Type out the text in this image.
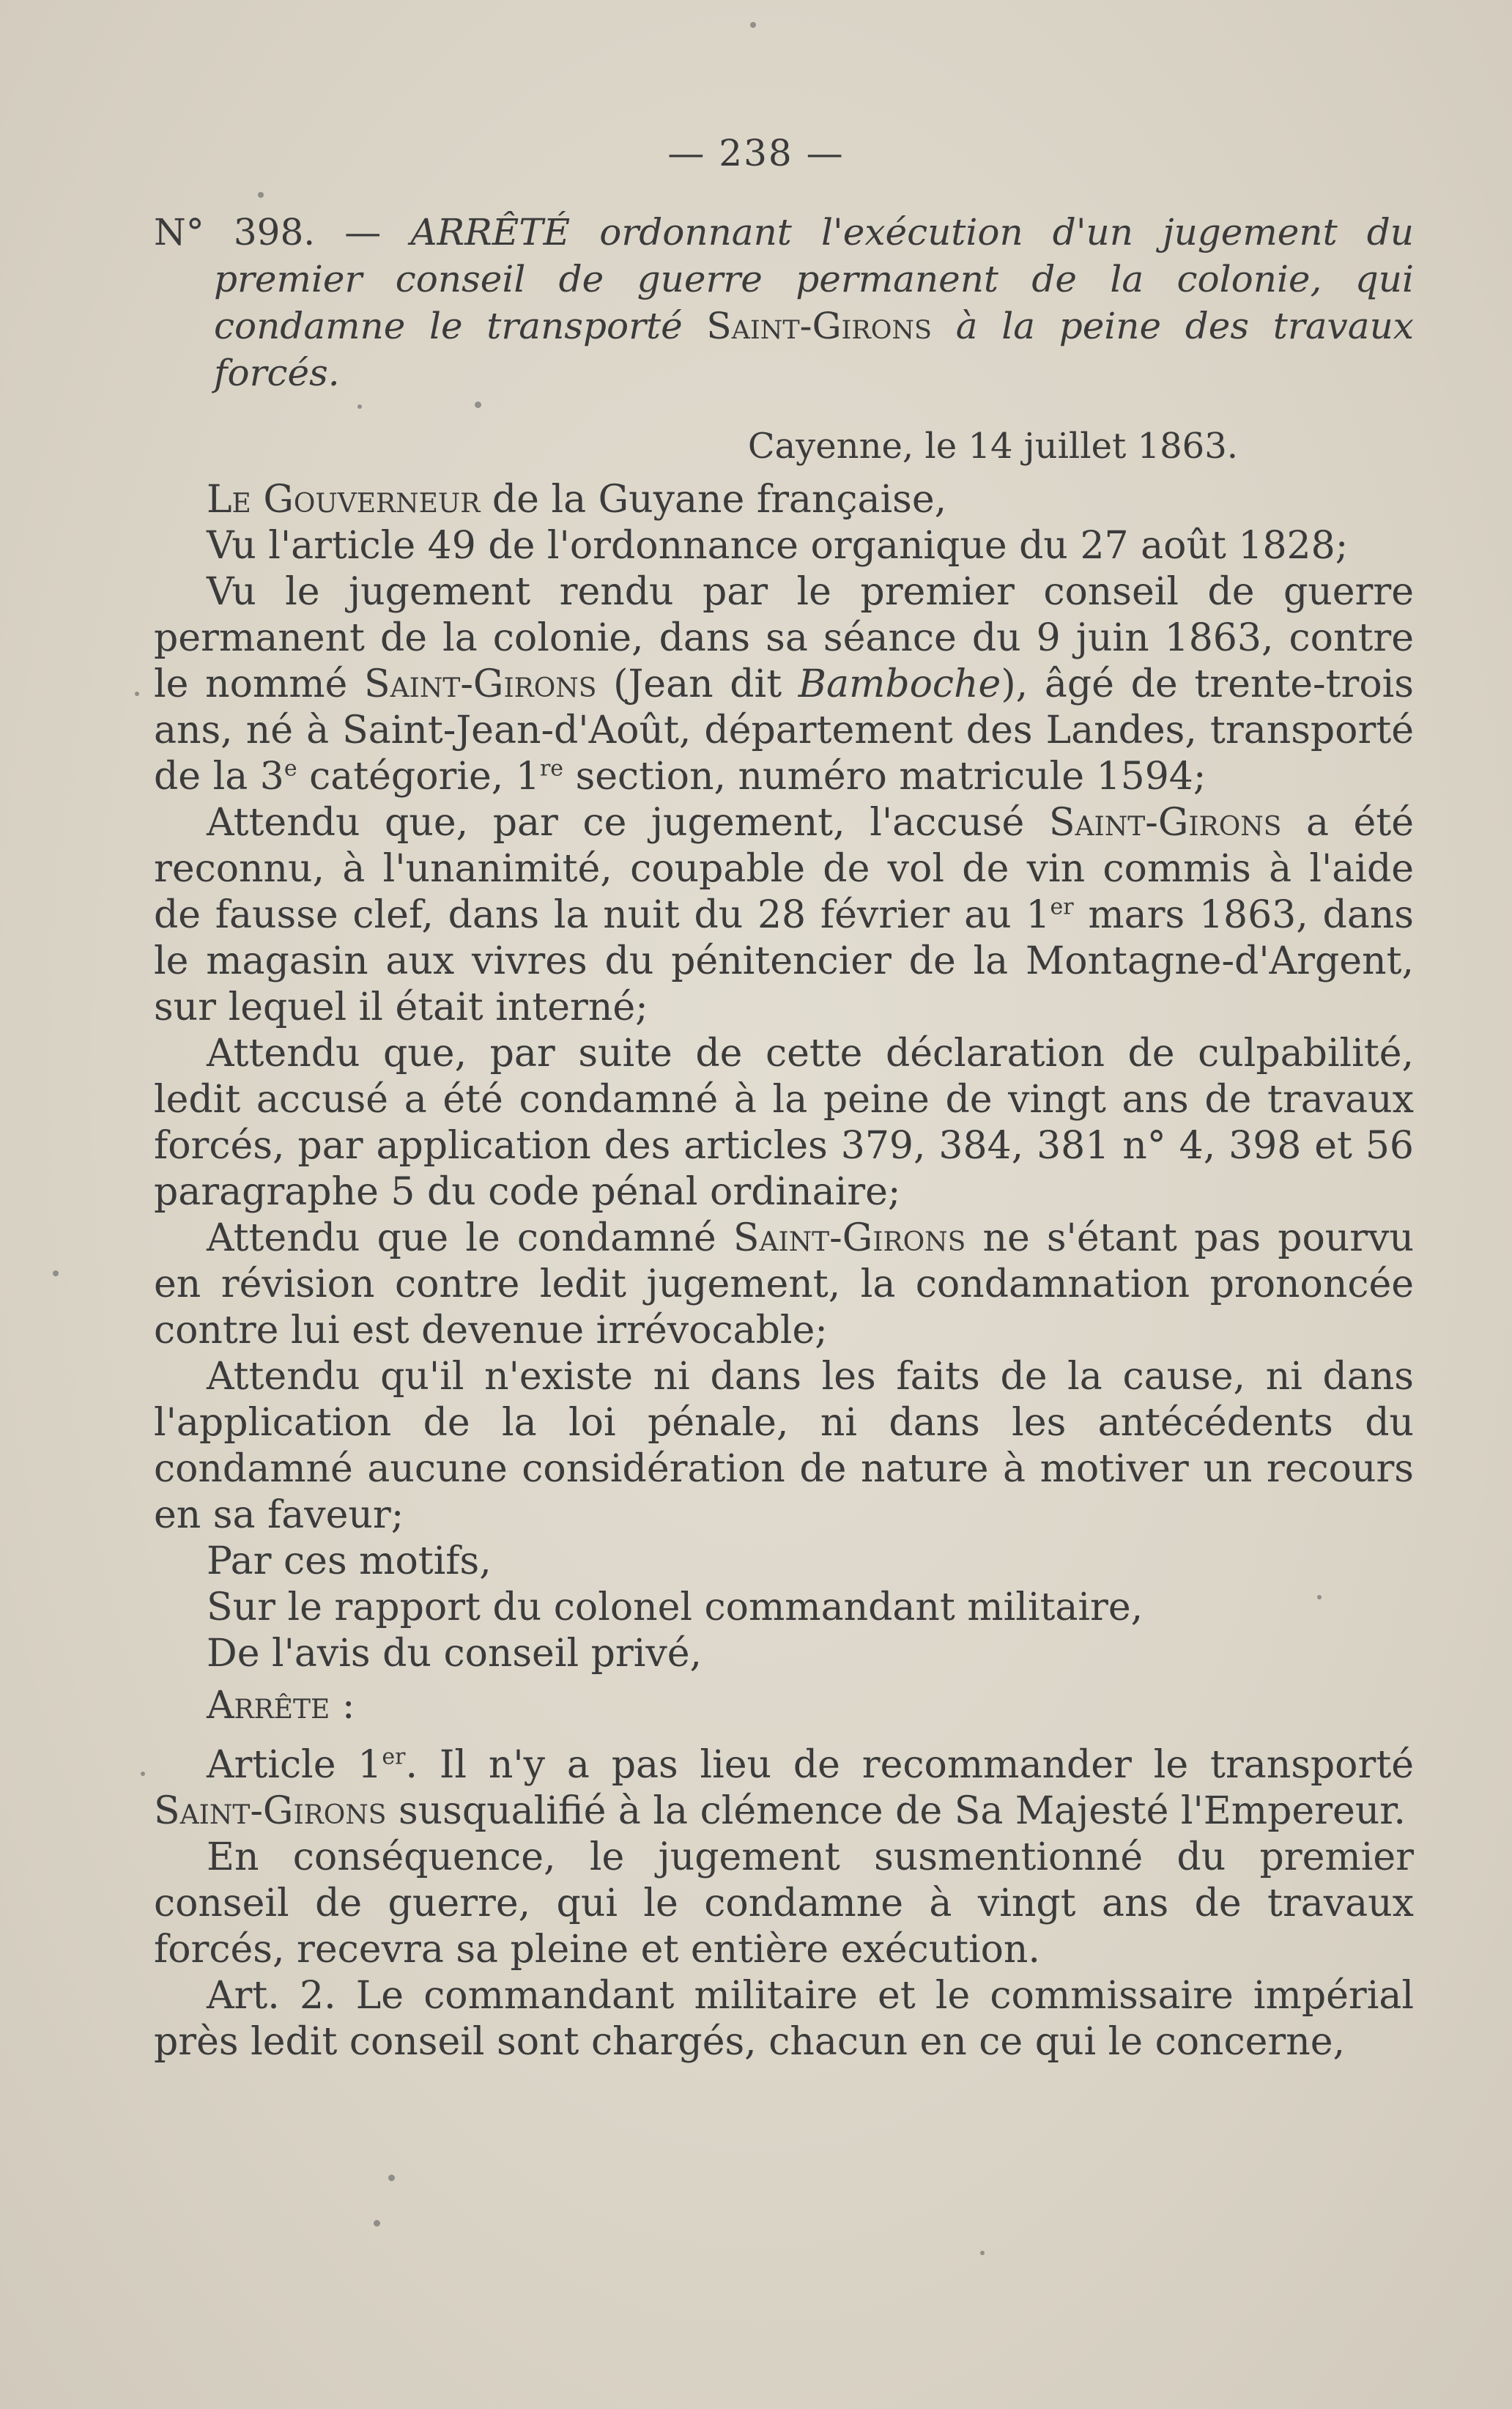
— 238 —

N° 398. — ARRÊTÉ ordonnant l'exécution d'un jugement du premier conseil de guerre permanent de la colonie, qui condamne le transporté Saint-Girons à la peine des travaux forcés.

Cayenne, le 14 juillet 1863.

Le Gouverneur de la Guyane française,

Vu l'article 49 de l'ordonnance organique du 27 août 1828;

Vu le jugement rendu par le premier conseil de guerre permanent de la colonie, dans sa séance du 9 juin 1863, contre le nommé Saint-Girons (Jean dit Bamboche), âgé de trente-trois ans, né à Saint-Jean-d'Août, département des Landes, transporté de la 3e catégorie, 1re section, numéro matricule 1594;

Attendu que, par ce jugement, l'accusé Saint-Girons a été reconnu, à l'unanimité, coupable de vol de vin commis à l'aide de fausse clef, dans la nuit du 28 février au 1er mars 1863, dans le magasin aux vivres du pénitencier de la Montagne-d'Argent, sur lequel il était interné;

Attendu que, par suite de cette déclaration de culpabilité, ledit accusé a été condamné à la peine de vingt ans de travaux forcés, par application des articles 379, 384, 381 n° 4, 398 et 56 paragraphe 5 du code pénal ordinaire;

Attendu que le condamné Saint-Girons ne s'étant pas pourvu en révision contre ledit jugement, la condamnation prononcée contre lui est devenue irrévocable;

Attendu qu'il n'existe ni dans les faits de la cause, ni dans l'application de la loi pénale, ni dans les antécédents du condamné aucune considération de nature à motiver un recours en sa faveur;

Par ces motifs,

Sur le rapport du colonel commandant militaire,

De l'avis du conseil privé,

Arrête :

Article 1er. Il n'y a pas lieu de recommander le transporté Saint-Girons susqualifié à la clémence de Sa Majesté l'Empereur.

En conséquence, le jugement susmentionné du premier conseil de guerre, qui le condamne à vingt ans de travaux forcés, recevra sa pleine et entière exécution.

Art. 2. Le commandant militaire et le commissaire impérial près ledit conseil sont chargés, chacun en ce qui le concerne,
